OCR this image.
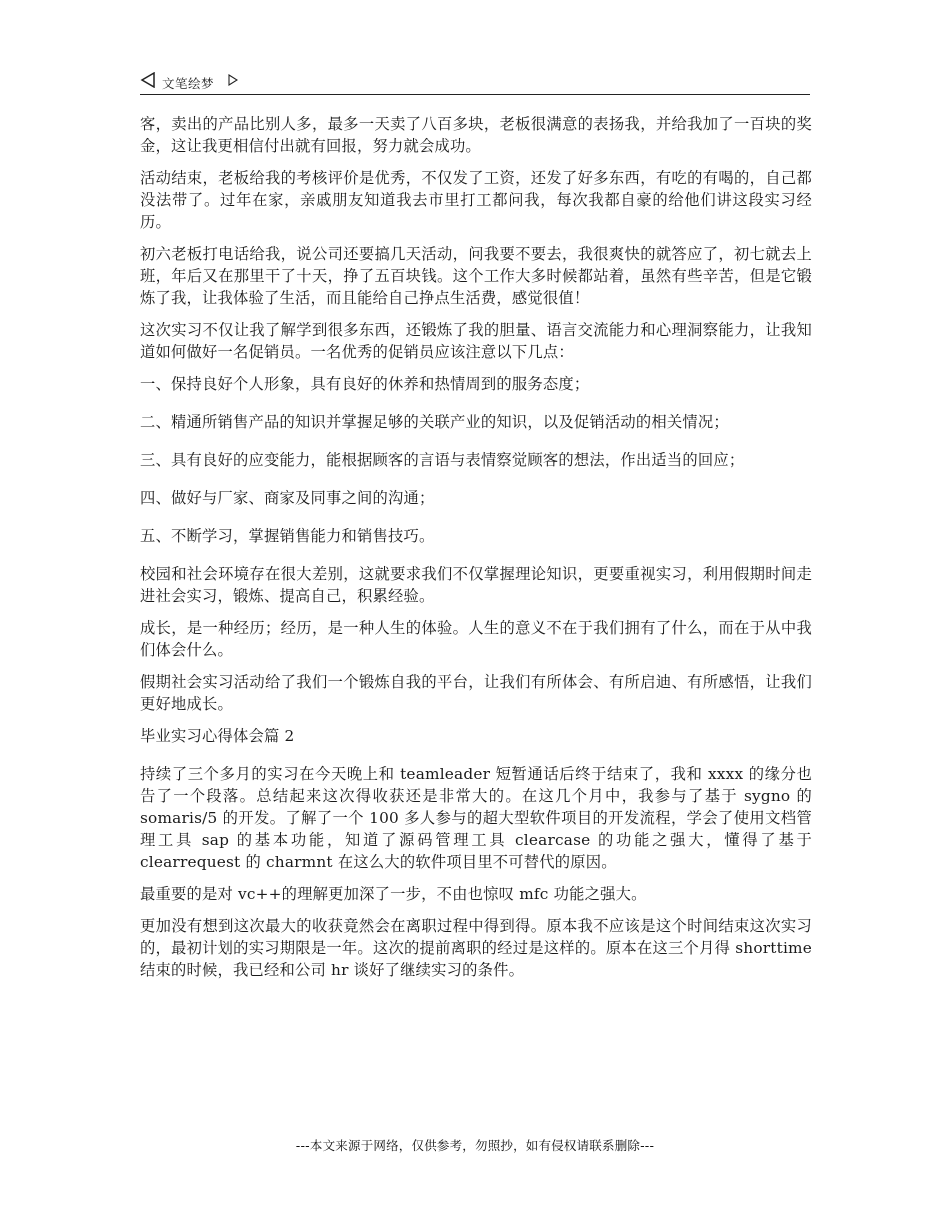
文笔绘梦

客，卖出的产品比别人多，最多一天卖了八百多块，老板很满意的表扬我，并给我加了一百块的奖金，这让我更相信付出就有回报，努力就会成功。

活动结束，老板给我的考核评价是优秀，不仅发了工资，还发了好多东西，有吃的有喝的，自己都没法带了。过年在家，亲戚朋友知道我去市里打工都问我，每次我都自豪的给他们讲这段实习经历。

初六老板打电话给我，说公司还要搞几天活动，问我要不要去，我很爽快的就答应了，初七就去上班，年后又在那里干了十天，挣了五百块钱。这个工作大多时候都站着，虽然有些辛苦，但是它锻炼了我，让我体验了生活，而且能给自己挣点生活费，感觉很值！

这次实习不仅让我了解学到很多东西，还锻炼了我的胆量、语言交流能力和心理洞察能力，让我知道如何做好一名促销员。一名优秀的促销员应该注意以下几点：

一、保持良好个人形象，具有良好的休养和热情周到的服务态度；

二、精通所销售产品的知识并掌握足够的关联产业的知识，以及促销活动的相关情况；

三、具有良好的应变能力，能根据顾客的言语与表情察觉顾客的想法，作出适当的回应；

四、做好与厂家、商家及同事之间的沟通；

五、不断学习，掌握销售能力和销售技巧。

校园和社会环境存在很大差别，这就要求我们不仅掌握理论知识，更要重视实习，利用假期时间走进社会实习，锻炼、提高自己，积累经验。

成长，是一种经历；经历，是一种人生的体验。人生的意义不在于我们拥有了什么，而在于从中我们体会什么。

假期社会实习活动给了我们一个锻炼自我的平台，让我们有所体会、有所启迪、有所感悟，让我们更好地成长。

毕业实习心得体会篇 2

持续了三个多月的实习在今天晚上和 teamleader 短暂通话后终于结束了，我和 xxxx 的缘分也告了一个段落。总结起来这次得收获还是非常大的。在这几个月中，我参与了基于 sygno 的 somaris/5 的开发。了解了一个 100 多人参与的超大型软件项目的开发流程，学会了使用文档管理工具 sap 的基本功能，知道了源码管理工具 clearcase 的功能之强大，懂得了基于 clearrequest 的 charmnt 在这么大的软件项目里不可替代的原因。

最重要的是对 vc++的理解更加深了一步，不由也惊叹 mfc 功能之强大。

更加没有想到这次最大的收获竟然会在离职过程中得到得。原本我不应该是这个时间结束这次实习的，最初计划的实习期限是一年。这次的提前离职的经过是这样的。原本在这三个月得 shorttime 结束的时候，我已经和公司 hr 谈好了继续实习的条件。

---本文来源于网络，仅供参考，勿照抄，如有侵权请联系删除---
